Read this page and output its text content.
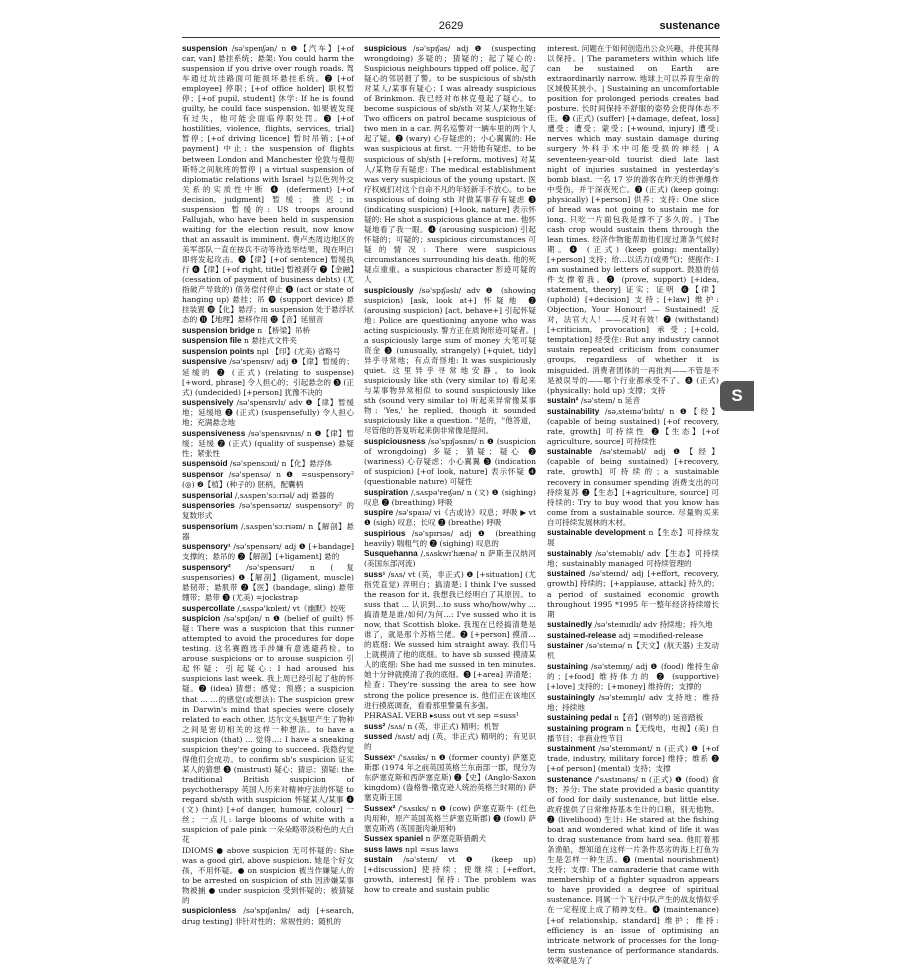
2629	sustenance

suspension /sə'spenʃən/ n ❶【汽车】[+of car, van] 悬挂系统；悬架: You could harm the suspension if you drive over rough roads. 驾车通过坑洼路面可能损坏悬挂系统。❷ [+of employee] 停职；[+of office holder] 职权暂停；[+of pupil, student] 休学: If he is found guilty, he could face suspension. 如果被发现有过失，他可能会面临停职处罚。❸ [+of hostilities, violence, flights, services, trial] 暂停；[+of driving licence] 暂时吊销；[+of payment] 中止: the suspension of flights between London and Manchester 伦敦与曼彻斯特之间航班的暂停 | a virtual suspension of diplomatic relations with Israel 与以色列外交关系的实质性中断 ❹ (deferment) [+of decision, judgment] 暂缓；推迟；in suspension 暂缓的: US troops around Fallujah, who have been held in suspension waiting for the election result, now know that an assault is imminent. 费卢杰周边地区的美军部队一直在按兵不动等待选举结果，现在明白即将发起攻击。❺【律】[+of sentence] 暂缓执行 ❻【律】[+of right, title] 暂被剥夺 ❼【金融】(cessation of payment of business debts) (尤指破产导致的) 债务偿付停止 ❽ (act or state of hanging up) 悬挂；吊 ❾ (support device) 悬挂装置 ❿【化】悬浮；in suspension 处于悬浮状态的 ⓫【地理】悬移作用 ⓬【音】延留音

suspension bridge n 【桥梁】吊桥

suspension file n 悬挂式文件夹

suspension points npl 【印】(尤美) 省略号

suspensive /sə'spensɪv/ adj ❶【律】暂缓的；延缓的 ❷ (正式) (relating to suspense) [+word, phrase] 令人担心的；引起悬念的 ❸ (正式) (undecided) [+person] 犹豫不决的

suspensively /sə'spensɪvlɪ/ adv ❶【律】暂缓地；延缓地 ❷ (正式) (suspensefully) 令人担心地；充满悬念地

suspensiveness /sə'spensɪvnɪs/ n ❶【律】暂缓；延缓 ❷ (正式) (quality of suspense) 悬疑性；紧张性

suspensoid /sə'spensɔɪd/ n【化】悬浮体

suspensor /sə'spensə/ n ❶ =suspensory² (◎) ❷【植】(种子的) 胚柄，配囊柄

suspensorial /,sʌspen'sɔːrɪəl/ adj 悬器的

suspensories /sə'spensərɪz/ suspensory² 的复数形式

suspensorium /,sʌspen'sɔːrɪəm/ n【解剖】悬器

suspensory¹ /sə'spensərɪ/ adj ❶ [+bandage] 支撑的；悬吊的 ❷【解剖】[+ligament] 悬的

suspensory² /sə'spensərɪ/ n (复 suspensories) ❶【解剖】(ligament, muscle) 悬韧带；悬肌带 ❷【医】(bandage, sling) 悬带绷带；悬带 ❸ (尤美) =jockstrap

suspercollate /,sʌspə'kɒleɪt/ vt《幽默》绞死

suspicion /sə'spɪʃən/ n ❶ (belief of guilt) 怀疑: There was a suspicion that this runner attempted to avoid the procedures for dope testing. 这名赛跑选手涉嫌有意逃避药检。to arouse suspicions or to arouse suspicion 引起怀疑；引起疑心: I had aroused his suspicions last week. 我上周已经引起了他的怀疑。❷ (idea) 猜想；感觉；预感；a suspicion that ... …的感觉(或想法): The suspicion grew in Darwin's mind that species were closely related to each other. 达尔文头脑里产生了物种之间是密切相关的这样一种想法。to have a suspicion (that) ... 觉得…: I have a sneaking suspicion they're going to succeed. 我隐约觉得他们会成功。to confirm sb's suspicion 证实某人的猜想 ❸ (mistrust) 疑心；猜忌；猜疑: the traditional British suspicion of psychotherapy 英国人历来对精神疗法的怀疑 to regard sb/sth with suspicion 怀疑某人/某事 ❹ (文) (hint) [+of danger, humour, colour] 一丝；一点儿: large blooms of white with a suspicion of pale pink 一朵朵略带淡粉色的大白花

IDIOMS ● above suspicion 无可怀疑的: She was a good girl, above suspicion. 她是个好女孩，不用怀疑。● on suspicion 被当作嫌疑人的 to be arrested on suspicion of sth 因涉嫌某事物被捕 ● under suspicion 受到怀疑的；被猜疑的

suspicionless /sə'spɪʃənlɪs/ adj [+search, drug testing] 非针对性的；常规性的；随机的

suspicious /sə'spɪʃəs/ adj ❶ (suspecting wrongdoing) 多疑的；猜疑的；起了疑心的: Suspicious neighbours tipped off police. 起了疑心的邻居报了警。to be suspicious of sb/sth 对某人/某事有疑心；I was already suspicious of Brinkmon. 我已经对布林克曼起了疑心。to become suspicious of sb/sth 对某人/某物生疑: Two officers on patrol became suspicious of two men in a car. 两名巡警对一辆车里的两个人起了疑。❷ (wary) 心存疑虑的；小心翼翼的: He was suspicious at first. 一开始他有疑虑。to be suspicious of sb/sth [+reform, motives] 对某人/某物存有疑虑: The medical establishment was very suspicious of the young upstart. 医疗权威们对这个自命不凡的年轻新手不放心。to be suspicious of doing sth 对做某事存有疑虑 ❸ (indicating suspicion) [+look, nature] 表示怀疑的: He shot a suspicious glance at me. 他怀疑地看了我一眼。❹ (arousing suspicion) 引起怀疑的；可疑的；suspicious circumstances 可疑的情况: There were suspicious circumstances surrounding his death. 他的死疑点重重。a suspicious character 形迹可疑的人

suspiciously /sə'spɪʃəslɪ/ adv ❶ (showing suspicion) [ask, look at+] 怀疑地 ❷ (arousing suspicion) [act, behave+] 引起怀疑地: Police are questioning anyone who was acting suspiciously. 警方正在质询形迹可疑者。| a suspiciously large sum of money 大笔可疑资金 ❸ (unusually, strangely) [+quiet, tidy] 异乎寻常地；有点奇怪地: It was suspiciously quiet. 这里异乎寻常地安静。to look suspiciously like sth (very similar to) 看起来与某事物异常相似 to sound suspiciously like sth (sound very similar to) 听起来异常像某事物: 'Yes,' he replied, though it sounded suspiciously like a question. "是的，"他答道，尽管他的答复听起来倒非常像是提问。

suspiciousness /sə'spɪʃəsnɪs/ n ❶ (suspicion of wrongdoing) 多疑；猜疑；疑心 ❷ (wariness) 心存疑虑；小心翼翼 ❸ (indication of suspicion) [+of look, nature] 表示怀疑 ❹ (questionable nature) 可疑性

suspiration /,sʌspə'reɪʃən/ n (文) ❶ (sighing) 叹息 ❷ (breathing) 呼吸

suspire /sə'spaɪə/ vi《古或诗》叹息；呼吸 ▶ vt ❶ (sigh) 叹息；长叹 ❷ (breathe) 呼吸

suspirious /sə'spɪrɪəs/ adj ❶ (breathing heavily) 喘粗气的 ❷ (sighing) 叹息的

Susquehanna /,sʌskwɪ'hænə/ n 萨斯奎汉纳河 (美国东部河流)

suss¹ /sʌs/ vt (英，非正式) ❶ [+situation] (尤指凭直觉) 弄明白；搞清楚: I think I've sussed the reason for it. 我想我已经明白了其原因。to suss that ... 认识到…to suss who/how/why ... 搞清楚是谁/如何/为何…: I've sussed who it is now, that Scottish bloke. 我现在已经搞清楚是谁了，就是那个苏格兰佬。❷ [+person] 摸清…的底细: We sussed him straight away. 我们马上就摸清了他的底细。to have sb sussed 摸清某人的底细: She had me sussed in ten minutes. 她十分钟就摸清了我的底细。❸ [+area] 弄清楚；检查: They're sussing the area to see how strong the police presence is. 他们正在该地区进行摸底调查，看看那里警量有多强。

PHRASAL VERB ▸suss out vt sep =suss¹

suss² /sʌs/ n (英，非正式) 精明；机智

sussed /sʌst/ adj (英，非正式) 精明的；有见识的

Sussex¹ /'sʌsɪks/ n ❶ (former county) 萨塞克斯郡 (1974 年之前英国英格兰东南部一郡，现分为东萨塞克斯和西萨塞克斯) ❷【史】(Anglo-Saxon kingdom) (盎格鲁-撒克逊人统治英格兰时期的) 萨塞克斯王国

Sussex² /'sʌsɪks/ n ❶ (cow) 萨塞克斯牛 (红色肉用种，原产英国英格兰萨塞克斯郡) ❷ (fowl) 萨塞克斯鸡 (英国蛋肉兼用种)

Sussex spaniel n 萨塞克斯猎鹬犬

suss laws npl =sus laws

sustain /sə'steɪn/ vt ❶ (keep up) [+discussion] 使持续；使继续；[+effort, growth, interest] 保持: The problem was how to create and sustain public

interest. 问题在于如何创造出公众兴趣，并使其得以保持。| The parameters within which life can be sustained on Earth are extraordinarily narrow. 地球上可以养育生命的区域极其狭小。| Sustaining an uncomfortable position for prolonged periods creates bad posture. 长时间保持不舒服的姿势会使得体态不佳。❷ (正式) (suffer) [+damage, defeat, loss] 遭受；遭受；蒙受；[+wound, injury] 遭受: nerves which may sustain damage during surgery 外科手术中可能受损的神经 | A seventeen-year-old tourist died late last night of injuries sustained in yesterday's bomb blast. 一名 17 岁的游客在昨天的炸弹爆炸中受伤，并于深夜死亡。❸ (正式) (keep going: physically) [+person] 供养；支持: One slice of bread was not going to sustain me for long. 只吃一片面包我是撑不了多久的。| The cash crop would sustain them through the lean times. 经济作物能帮助他们度过萧条气候时期。❹ (正式) (keep going: mentally) [+person] 支持；给…以活力(或勇气)；使振作: I am sustained by letters of support. 鼓励的信件支撑着我。❺ (prove, support) [+idea, statement, theory] 证实；证明 ❻【律】(uphold) [+decision] 支持；[+law] 维护: Objection, Your Honour! — Sustained! 反对，法官大人！——反对有效！❼ (withstand) [+criticism, provocation] 承受；[+cold, temptation] 经受住: But any industry cannot sustain repeated criticism from consumer groups, regardless of whether it is misguided. 消费者团体的一再批判——不管是不是被误导的——哪个行业都承受不了。❽ (正式) (physically: hold up) 支撑；支持

sustain² /sə'steɪn/ n 延音

sustainability /sə,steɪnə'bɪlɪtɪ/ n ❶【经】(capable of being sustained) [+of recovery, rate, growth] 可持续性 ❷【生态】[+of agriculture, source] 可持续性

sustainable /sə'steɪnəbl/ adj ❶【经】(capable of being sustained) [+recovery, rate, growth] 可持续的；a sustainable recovery in consumer spending 消费支出的可持续复苏 ❷【生态】[+agriculture, source] 可持续的: Try to buy wood that you know has come from a sustainable source. 尽量购买来自可持续发展林的木材。

sustainable development n【生态】可持续发展

sustainably /sə'steɪnəblɪ/ adv【生态】可持续地；sustainably managed 可持续管理的

sustained /sə'steɪnd/ adj [+effort, recovery, growth] 持续的；[+applause, attack] 持久的；a period of sustained economic growth throughout 1995 *1995 年一整年经济持续增长期

sustainedly /sə'steɪnɪdlɪ/ adv 持续地；持久地

sustained-release adj =modified-release

sustainer /sə'steɪnə/ n【天文】(航天器) 主发动机

sustaining /sə'steɪnɪŋ/ adj ❶ (food) 维持生命的；[+food] 维持体力的 ❷ (supportive) [+love] 支持的；[+money] 维持的；支撑的

sustainingly /sə'steɪnɪŋlɪ/ adv 支持地；维持地；持续地

sustaining pedal n【音】(钢琴的) 延音踏板

sustaining program n【无线电，电视】(美) 自播节目；非商业性节目

sustainment /sə'steɪnmənt/ n (正式) ❶ [+of trade, industry, military force] 维持；维系 ❷ [+of person] (mental) 支持；支撑

sustenance /'sʌstɪnəns/ n (正式) ❶ (food) 食物；养分: The state provided a basic quantity of food for daily sustenance, but little else. 政府提供了日常维持基本生计的口粮，别无他物。❷ (livelihood) 生计: He stared at the fishing boat and wondered what kind of life it was to drag sustenance from hard sea. 他盯着那条渔船，想知道在这样一片条件恶劣的海上打鱼为生是怎样一种生活。❸ (mental nourishment) 支持；支撑: The camaraderie that came with membership of a fighter squadron appears to have provided a degree of spiritual sustenance. 同属一个飞行中队产生的战友情似乎在一定程度上成了精神支柱。❹ (maintenance) [+of relationship, standard] 维护；维持: efficiency is an issue of optimising an intricate network of processes for the long-term sustenance of performance standards. 效率就是为了

S
